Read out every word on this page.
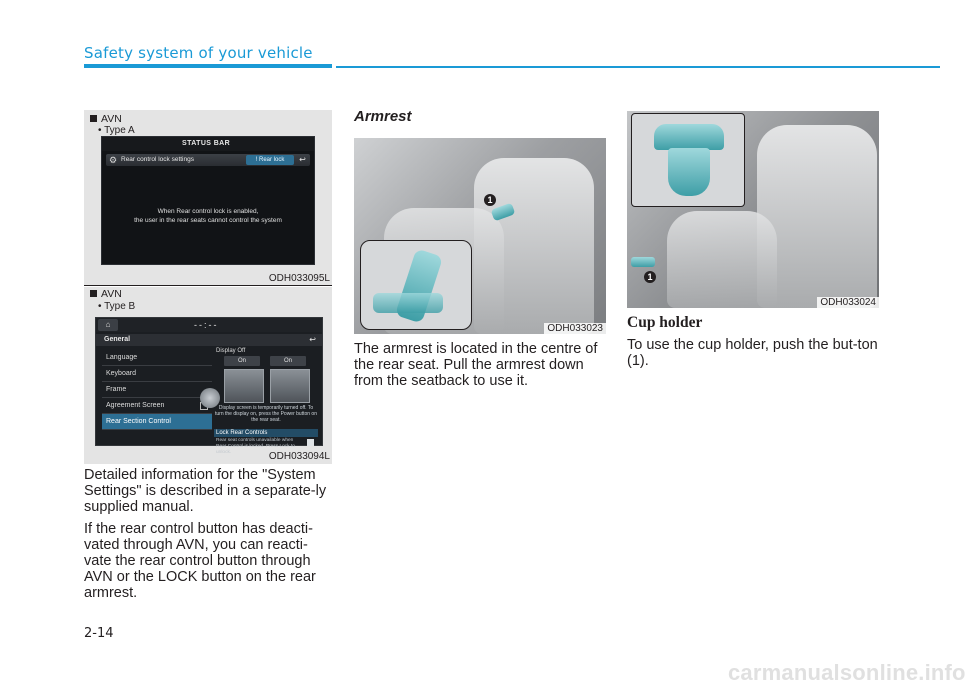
Safety system of your vehicle
AVN
• Type A
STATUS BAR
⚙ Rear control lock settings	! Rear lock	↩
When Rear control lock is enabled,
the user in the rear seats cannot control the system
ODH033095L
AVN
• Type B
⌂	--:--
General	↩
Language
Keyboard
Frame
Agreement Screen
Rear Section Control
Display Off
On	On
Display screen is temporarily turned off. To turn the display on, press the Power button on the rear seat.
Lock Rear Controls
Rear seat controls unavailable when Rear Control is locked. Press Lock to unlock.	ODH033094L
Detailed information for the "System Settings" is described in a separate-ly supplied manual.
If the rear control button has deacti-vated through AVN, you can reacti-vate the rear control button through AVN or the LOCK button on the rear armrest.
Armrest
1
ODH033023
The armrest is located in the centre of the rear seat. Pull the armrest down from the seatback to use it.
1
ODH033024
Cup holder
To use the cup holder, push the but-ton (1).
2-14
carmanualsonline.info
